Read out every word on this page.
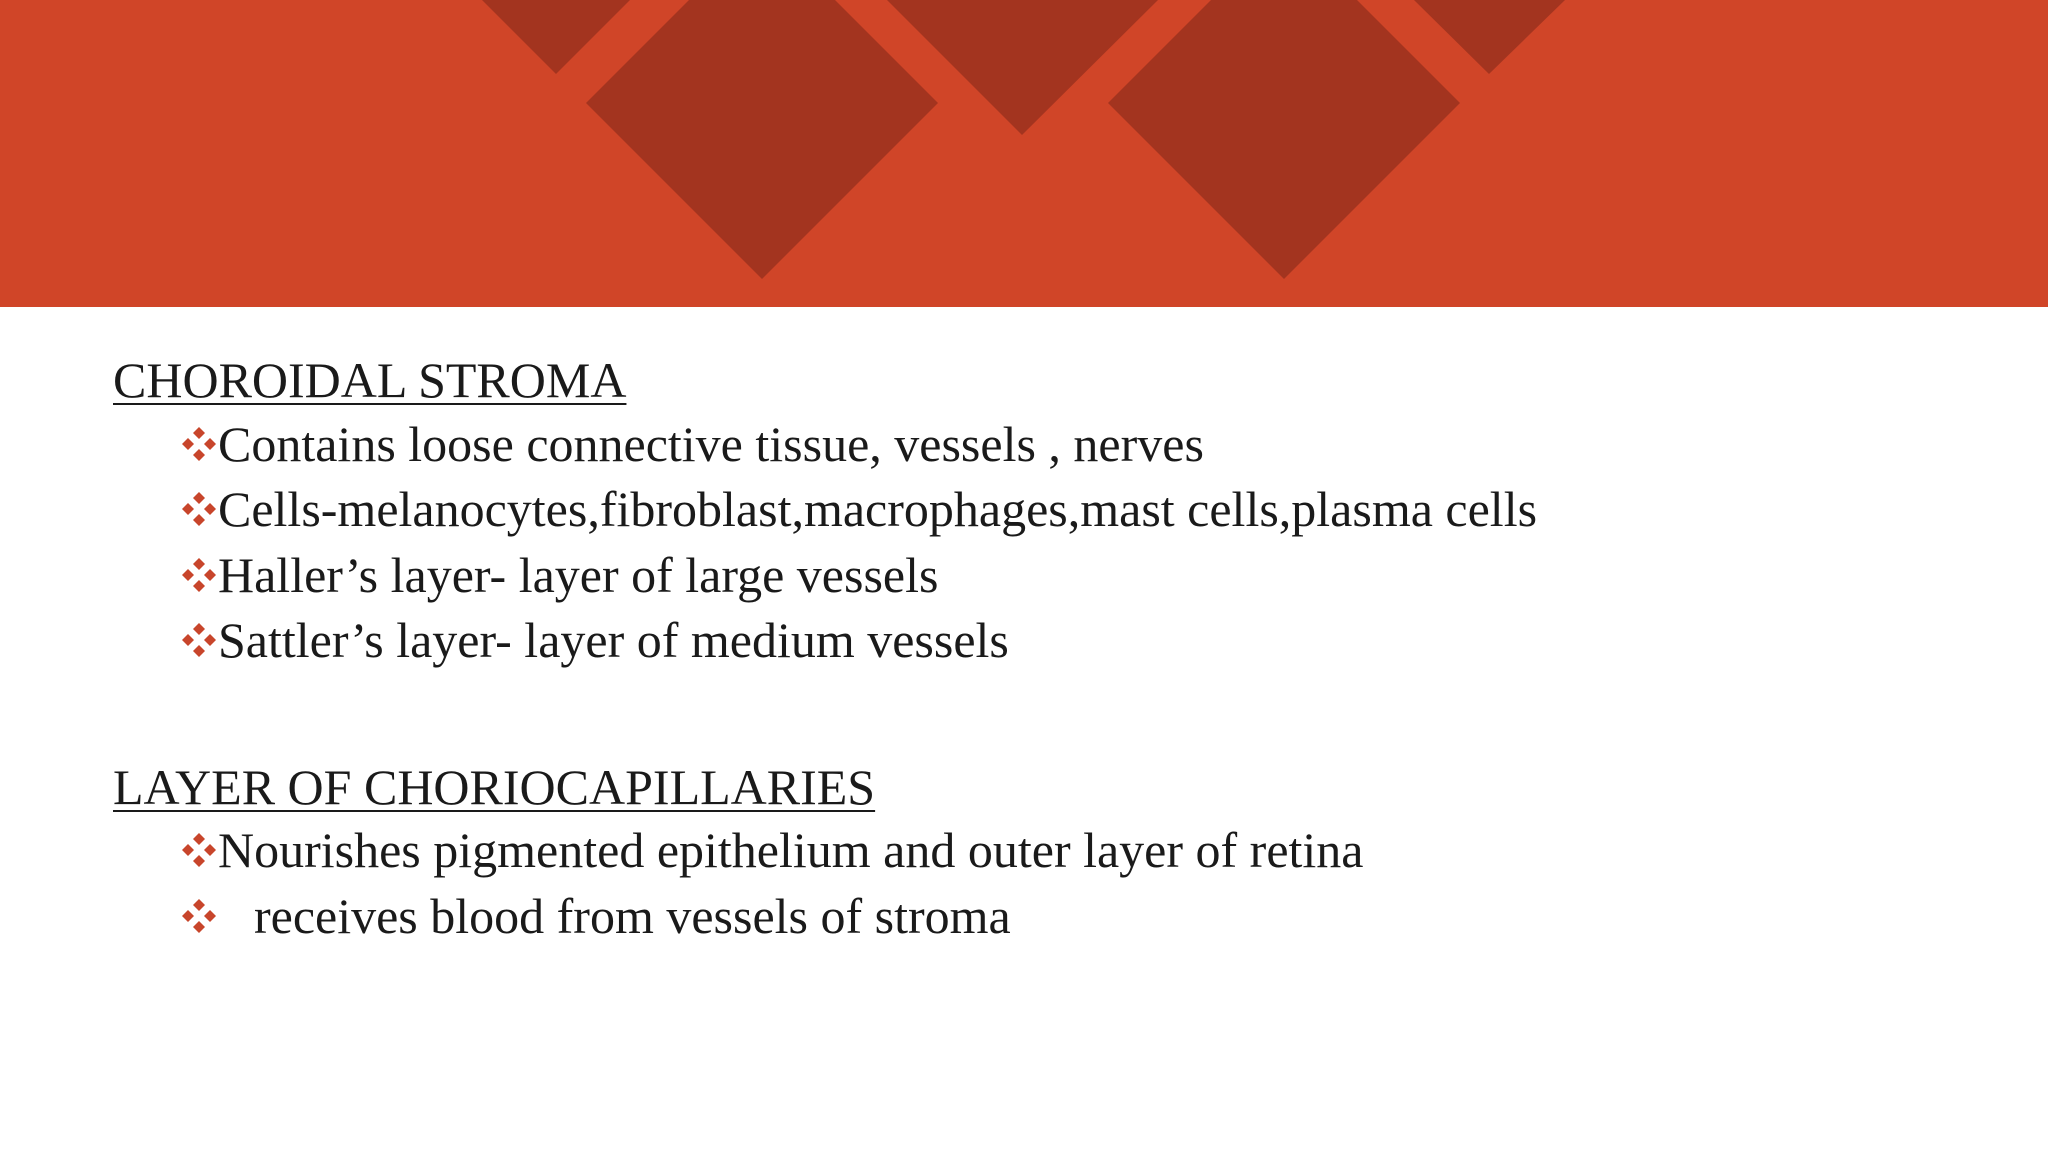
CHOROIDAL STROMA
Contains loose connective tissue, vessels , nerves
Cells-melanocytes,fibroblast,macrophages,mast cells,plasma cells
Haller’s layer- layer of large vessels
Sattler’s layer- layer of medium vessels
LAYER OF CHORIOCAPILLARIES
Nourishes pigmented epithelium and outer layer of retina
receives blood from vessels of stroma
